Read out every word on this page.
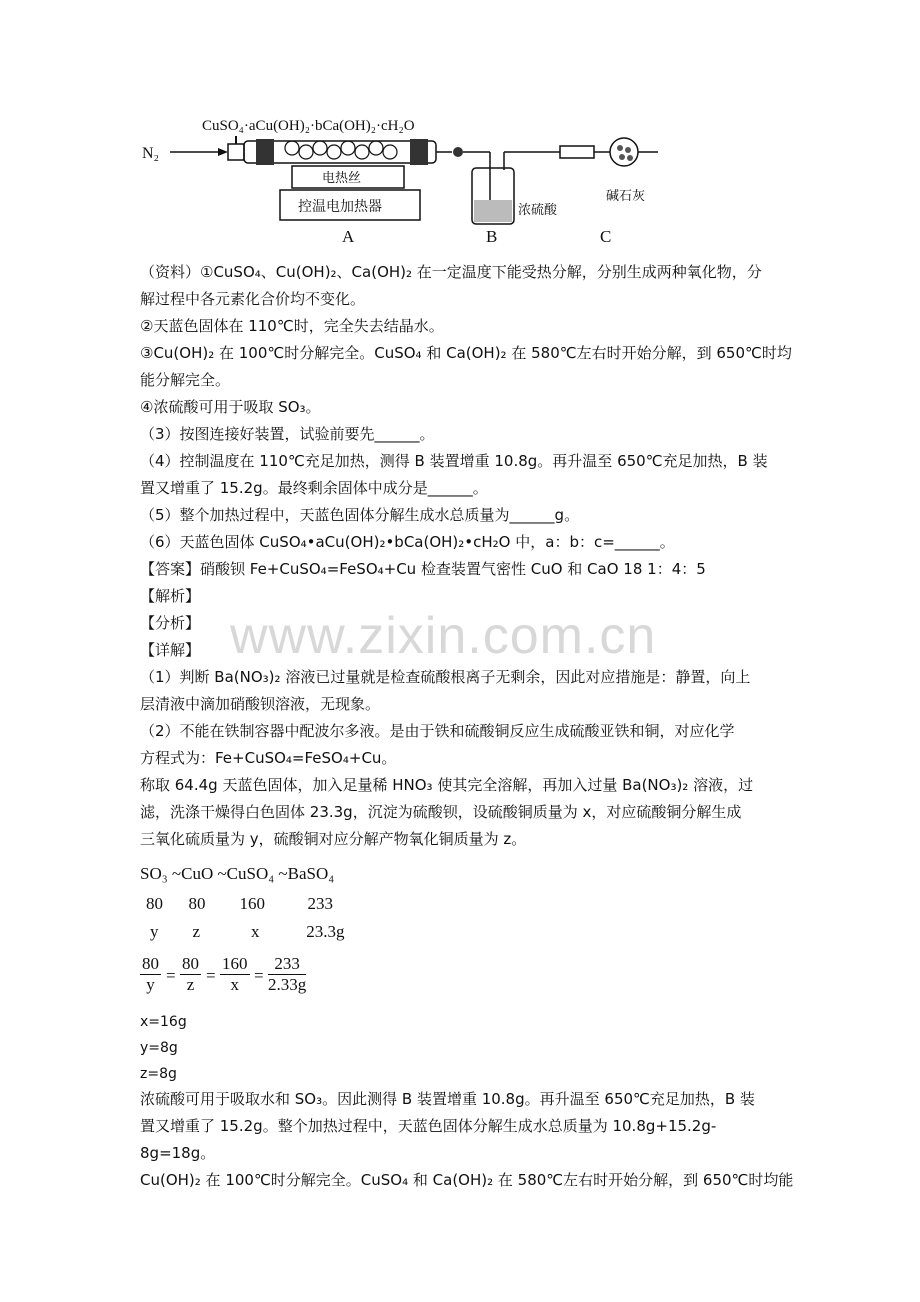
CuSO₄·aCu(OH)₂·bCa(OH)₂·cH₂O
N₂
电热丝
控温电加热器
A
浓硫酸
B
碱石灰
C
（资料）①CuSO₄、Cu(OH)₂、Ca(OH)₂ 在一定温度下能受热分解，分别生成两种氧化物，分
解过程中各元素化合价均不变化。
②天蓝色固体在 110℃时，完全失去结晶水。
③Cu(OH)₂ 在 100℃时分解完全。CuSO₄ 和 Ca(OH)₂ 在 580℃左右时开始分解，到 650℃时均
能分解完全。
④浓硫酸可用于吸取 SO₃。
（3）按图连接好装置，试验前要先______。
（4）控制温度在 110℃充足加热，测得 B 装置增重 10.8g。再升温至 650℃充足加热，B 装
置又增重了 15.2g。最终剩余固体中成分是______。
（5）整个加热过程中，天蓝色固体分解生成水总质量为______g。
（6）天蓝色固体 CuSO₄•aCu(OH)₂•bCa(OH)₂•cH₂O 中，a：b：c=______。
【答案】硝酸钡 Fe+CuSO₄=FeSO₄+Cu 检查装置气密性 CuO 和 CaO 18 1：4：5
【解析】
【分析】
【详解】
（1）判断 Ba(NO₃)₂ 溶液已过量就是检查硫酸根离子无剩余，因此对应措施是：静置，向上
层清液中滴加硝酸钡溶液，无现象。
（2）不能在铁制容器中配波尔多液。是由于铁和硫酸铜反应生成硫酸亚铁和铜，对应化学
方程式为：Fe+CuSO₄=FeSO₄+Cu。
称取 64.4g 天蓝色固体，加入足量稀 HNO₃ 使其完全溶解，再加入过量 Ba(NO₃)₂ 溶液，过
滤，洗涤干燥得白色固体 23.3g，沉淀为硫酸钡，设硫酸铜质量为 x，对应硫酸铜分解生成
三氧化硫质量为 y，硫酸铜对应分解产物氧化铜质量为 z。
SO₃ ~CuO ~CuSO₄ ~BaSO₄
80      80        160          233
y        z            x           23.3g
$\frac{80}{y} = \frac{80}{z} = \frac{160}{x} = \frac{233}{2.33g}$
x=16g
y=8g
z=8g
浓硫酸可用于吸取水和 SO₃。因此测得 B 装置增重 10.8g。再升温至 650℃充足加热，B 装
置又增重了 15.2g。整个加热过程中，天蓝色固体分解生成水总质量为 10.8g+15.2g-
8g=18g。
Cu(OH)₂ 在 100℃时分解完全。CuSO₄ 和 Ca(OH)₂ 在 580℃左右时开始分解，到 650℃时均能
www.zixin.com.cn
